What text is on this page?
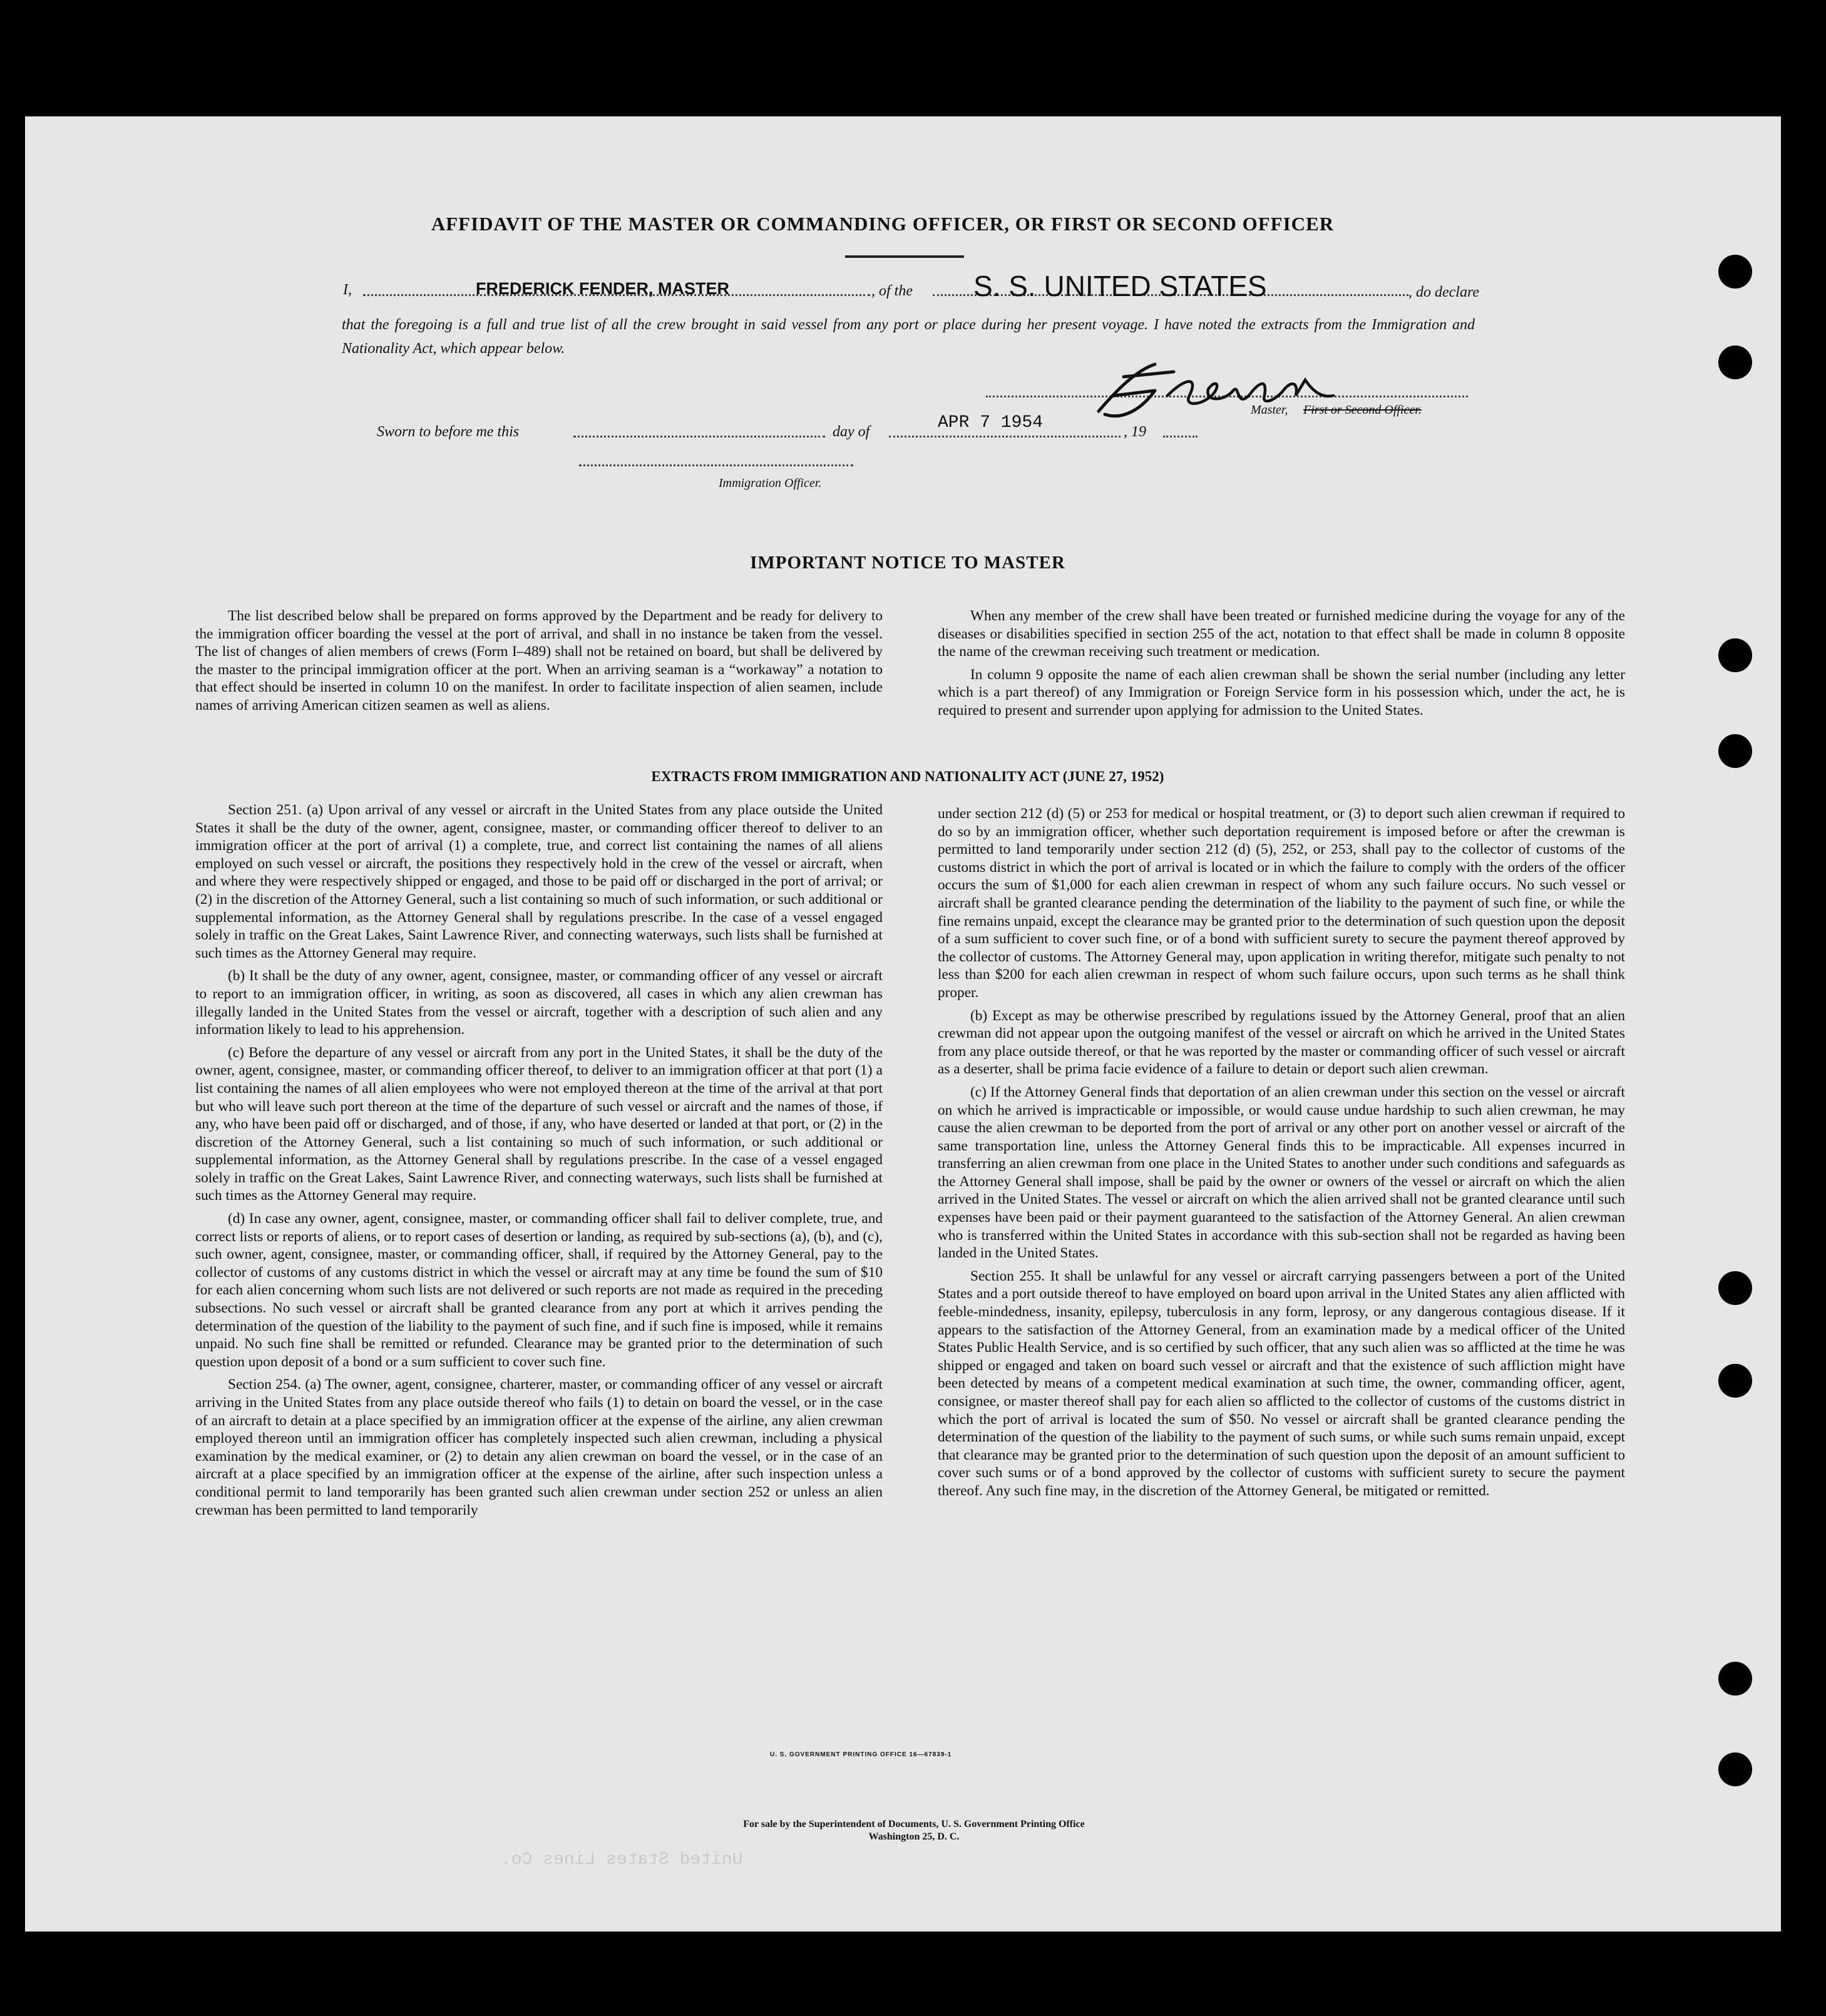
AFFIDAVIT OF THE MASTER OR COMMANDING OFFICER, OR FIRST OR SECOND OFFICER
I,	FREDERICK FENDER, MASTER	, of the S. S. UNITED STATES	, do declare
that the foregoing is a full and true list of all the crew brought in said vessel from any port or place during her present voyage. I have noted the extracts from the Immigration and Nationality Act, which appear below.
Master, First or Second Officer.
Sworn to before me this	day of	APR 7 1954	, 19
Immigration Officer.
IMPORTANT NOTICE TO MASTER

The list described below shall be prepared on forms approved by the Department and be ready for delivery to the immigration officer boarding the vessel at the port of arrival, and shall in no instance be taken from the vessel. The list of changes of alien members of crews (Form I–489) shall not be retained on board, but shall be delivered by the master to the principal immigration officer at the port. When an arriving seaman is a “workaway” a notation to that effect should be inserted in column 10 on the manifest. In order to facilitate inspection of alien seamen, include names of arriving American citizen seamen as well as aliens.

When any member of the crew shall have been treated or furnished medicine during the voyage for any of the diseases or disabilities specified in section 255 of the act, notation to that effect shall be made in column 8 opposite the name of the crewman receiving such treatment or medication.

In column 9 opposite the name of each alien crewman shall be shown the serial number (including any letter which is a part thereof) of any Immigration or Foreign Service form in his possession which, under the act, he is required to present and surrender upon applying for admission to the United States.

EXTRACTS FROM IMMIGRATION AND NATIONALITY ACT (JUNE 27, 1952)

Section 251. (a) Upon arrival of any vessel or aircraft in the United States from any place outside the United States it shall be the duty of the owner, agent, consignee, master, or commanding officer thereof to deliver to an immigration officer at the port of arrival (1) a complete, true, and correct list containing the names of all aliens employed on such vessel or aircraft, the positions they respectively hold in the crew of the vessel or aircraft, when and where they were respectively shipped or engaged, and those to be paid off or discharged in the port of arrival; or (2) in the discretion of the Attorney General, such a list containing so much of such information, or such additional or supplemental information, as the Attorney General shall by regulations prescribe. In the case of a vessel engaged solely in traffic on the Great Lakes, Saint Lawrence River, and connecting waterways, such lists shall be furnished at such times as the Attorney General may require.

(b) It shall be the duty of any owner, agent, consignee, master, or commanding officer of any vessel or aircraft to report to an immigration officer, in writing, as soon as discovered, all cases in which any alien crewman has illegally landed in the United States from the vessel or aircraft, together with a description of such alien and any information likely to lead to his apprehension.

(c) Before the departure of any vessel or aircraft from any port in the United States, it shall be the duty of the owner, agent, consignee, master, or commanding officer thereof, to deliver to an immigration officer at that port (1) a list containing the names of all alien employees who were not employed thereon at the time of the arrival at that port but who will leave such port thereon at the time of the departure of such vessel or aircraft and the names of those, if any, who have been paid off or discharged, and of those, if any, who have deserted or landed at that port, or (2) in the discretion of the Attorney General, such a list containing so much of such information, or such additional or supplemental information, as the Attorney General shall by regulations prescribe. In the case of a vessel engaged solely in traffic on the Great Lakes, Saint Lawrence River, and connecting waterways, such lists shall be furnished at such times as the Attorney General may require.

(d) In case any owner, agent, consignee, master, or commanding officer shall fail to deliver complete, true, and correct lists or reports of aliens, or to report cases of desertion or landing, as required by sub-sections (a), (b), and (c), such owner, agent, consignee, master, or commanding officer, shall, if required by the Attorney General, pay to the collector of customs of any customs district in which the vessel or aircraft may at any time be found the sum of $10 for each alien concerning whom such lists are not delivered or such reports are not made as required in the preceding subsections. No such vessel or aircraft shall be granted clearance from any port at which it arrives pending the determination of the question of the liability to the payment of such fine, and if such fine is imposed, while it remains unpaid. No such fine shall be remitted or refunded. Clearance may be granted prior to the determination of such question upon deposit of a bond or a sum sufficient to cover such fine.

Section 254. (a) The owner, agent, consignee, charterer, master, or commanding officer of any vessel or aircraft arriving in the United States from any place outside thereof who fails (1) to detain on board the vessel, or in the case of an aircraft to detain at a place specified by an immigration officer at the expense of the airline, any alien crewman employed thereon until an immigration officer has completely inspected such alien crewman, including a physical examination by the medical examiner, or (2) to detain any alien crewman on board the vessel, or in the case of an aircraft at a place specified by an immigration officer at the expense of the airline, after such inspection unless a conditional permit to land temporarily has been granted such alien crewman under section 252 or unless an alien crewman has been permitted to land temporarily

under section 212 (d) (5) or 253 for medical or hospital treatment, or (3) to deport such alien crewman if required to do so by an immigration officer, whether such deportation requirement is imposed before or after the crewman is permitted to land temporarily under section 212 (d) (5), 252, or 253, shall pay to the collector of customs of the customs district in which the port of arrival is located or in which the failure to comply with the orders of the officer occurs the sum of $1,000 for each alien crewman in respect of whom any such failure occurs. No such vessel or aircraft shall be granted clearance pending the determination of the liability to the payment of such fine, or while the fine remains unpaid, except the clearance may be granted prior to the determination of such question upon the deposit of a sum sufficient to cover such fine, or of a bond with sufficient surety to secure the payment thereof approved by the collector of customs. The Attorney General may, upon application in writing therefor, mitigate such penalty to not less than $200 for each alien crewman in respect of whom such failure occurs, upon such terms as he shall think proper.

(b) Except as may be otherwise prescribed by regulations issued by the Attorney General, proof that an alien crewman did not appear upon the outgoing manifest of the vessel or aircraft on which he arrived in the United States from any place outside thereof, or that he was reported by the master or commanding officer of such vessel or aircraft as a deserter, shall be prima facie evidence of a failure to detain or deport such alien crewman.

(c) If the Attorney General finds that deportation of an alien crewman under this section on the vessel or aircraft on which he arrived is impracticable or impossible, or would cause undue hardship to such alien crewman, he may cause the alien crewman to be deported from the port of arrival or any other port on another vessel or aircraft of the same transportation line, unless the Attorney General finds this to be impracticable. All expenses incurred in transferring an alien crewman from one place in the United States to another under such conditions and safeguards as the Attorney General shall impose, shall be paid by the owner or owners of the vessel or aircraft on which the alien arrived in the United States. The vessel or aircraft on which the alien arrived shall not be granted clearance until such expenses have been paid or their payment guaranteed to the satisfaction of the Attorney General. An alien crewman who is transferred within the United States in accordance with this sub-section shall not be regarded as having been landed in the United States.

Section 255. It shall be unlawful for any vessel or aircraft carrying passengers between a port of the United States and a port outside thereof to have employed on board upon arrival in the United States any alien afflicted with feeble-mindedness, insanity, epilepsy, tuberculosis in any form, leprosy, or any dangerous contagious disease. If it appears to the satisfaction of the Attorney General, from an examination made by a medical officer of the United States Public Health Service, and is so certified by such officer, that any such alien was so afflicted at the time he was shipped or engaged and taken on board such vessel or aircraft and that the existence of such affliction might have been detected by means of a competent medical examination at such time, the owner, commanding officer, agent, consignee, or master thereof shall pay for each alien so afflicted to the collector of customs of the customs district in which the port of arrival is located the sum of $50. No vessel or aircraft shall be granted clearance pending the determination of the question of the liability to the payment of such sums, or while such sums remain unpaid, except that clearance may be granted prior to the determination of such question upon the deposit of an amount sufficient to cover such sums or of a bond approved by the collector of customs with sufficient surety to secure the payment thereof. Any such fine may, in the discretion of the Attorney General, be mitigated or remitted.

U. S. GOVERNMENT PRINTING OFFICE 16—67839-1
For sale by the Superintendent of Documents, U. S. Government Printing Office
Washington 25, D. C.
United States Lines Co.
